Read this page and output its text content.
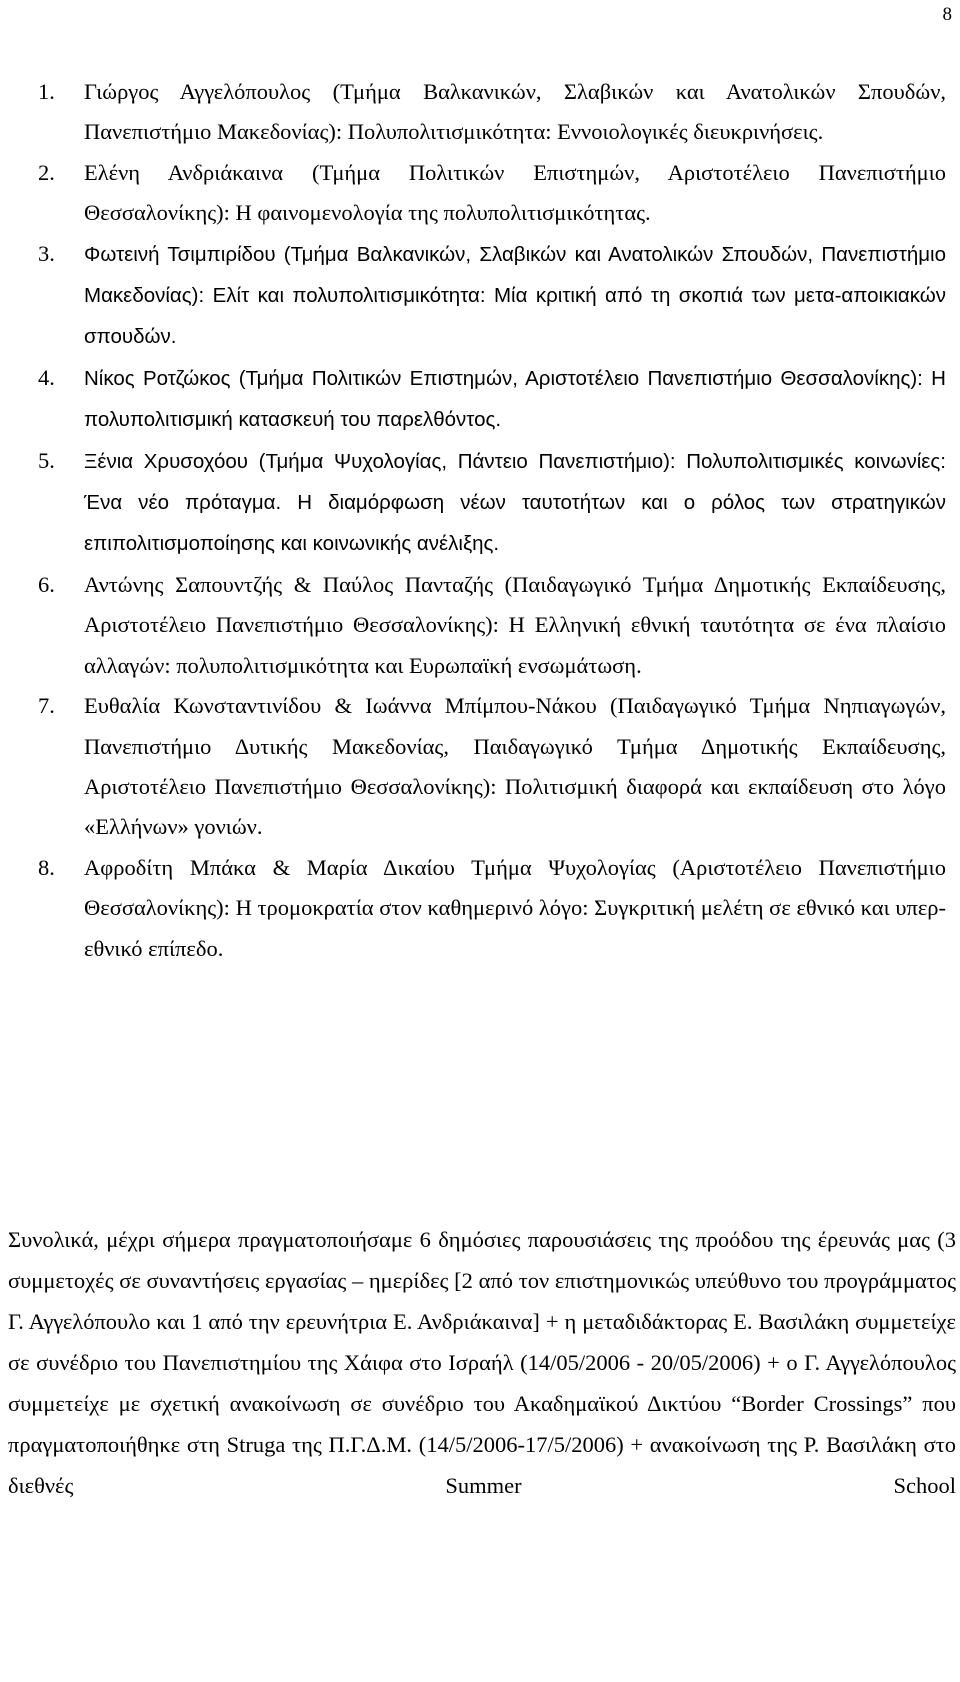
8
1. Γιώργος Αγγελόπουλος (Τμήμα Βαλκανικών, Σλαβικών και Ανατολικών Σπουδών, Πανεπιστήμιο Μακεδονίας): Πολυπολιτισμικότητα: Εννοιολογικές διευκρινήσεις.
2. Ελένη Ανδριάκαινα (Τμήμα Πολιτικών Επιστημών, Αριστοτέλειο Πανεπιστήμιο Θεσσαλονίκης): Η φαινομενολογία της πολυπολιτισμικότητας.
3. Φωτεινή Τσιμπιρίδου (Τμήμα Βαλκανικών, Σλαβικών και Ανατολικών Σπουδών, Πανεπιστήμιο Μακεδονίας): Ελίτ και πολυπολιτισμικότητα: Μία κριτική από τη σκοπιά των μετα-αποικιακών σπουδών.
4. Νίκος Ροτζώκος (Τμήμα Πολιτικών Επιστημών, Αριστοτέλειο Πανεπιστήμιο Θεσσαλονίκης): Η πολυπολιτισμική κατασκευή του παρελθόντος.
5. Ξένια Χρυσοχόου (Τμήμα Ψυχολογίας, Πάντειο Πανεπιστήμιο): Πολυπολιτισμικές κοινωνίες: Ένα νέο πρόταγμα. Η διαμόρφωση νέων ταυτοτήτων και ο ρόλος των στρατηγικών επιπολιτισμοποίησης και κοινωνικής ανέλιξης.
6. Αντώνης Σαπουντζής & Παύλος Πανταζής (Παιδαγωγικό Τμήμα Δημοτικής Εκπαίδευσης, Αριστοτέλειο Πανεπιστήμιο Θεσσαλονίκης): Η Ελληνική εθνική ταυτότητα σε ένα πλαίσιο αλλαγών: πολυπολιτισμικότητα και Ευρωπαϊκή ενσωμάτωση.
7. Ευθαλία Κωνσταντινίδου & Ιωάννα Μπίμπου-Νάκου (Παιδαγωγικό Τμήμα Νηπιαγωγών, Πανεπιστήμιο Δυτικής Μακεδονίας, Παιδαγωγικό Τμήμα Δημοτικής Εκπαίδευσης, Αριστοτέλειο Πανεπιστήμιο Θεσσαλονίκης): Πολιτισμική διαφορά και εκπαίδευση στο λόγο «Ελλήνων» γονιών.
8. Αφροδίτη Μπάκα & Μαρία Δικαίου Τμήμα Ψυχολογίας (Αριστοτέλειο Πανεπιστήμιο Θεσσαλονίκης): Η τρομοκρατία στον καθημερινό λόγο: Συγκριτική μελέτη σε εθνικό και υπερ-εθνικό επίπεδο.

Συνολικά, μέχρι σήμερα πραγματοποιήσαμε 6 δημόσιες παρουσιάσεις της προόδου της έρευνάς μας (3 συμμετοχές σε συναντήσεις εργασίας – ημερίδες [2 από τον επιστημονικώς υπεύθυνο του προγράμματος Γ. Αγγελόπουλο και 1 από την ερευνήτρια Ε. Ανδριάκαινα] + η μεταδιδάκτορας Ε. Βασιλάκη συμμετείχε σε συνέδριο του Πανεπιστημίου της Χάιφα στο Ισραήλ (14/05/2006 - 20/05/2006) + ο Γ. Αγγελόπουλος συμμετείχε με σχετική ανακοίνωση σε συνέδριο του Ακαδημαϊκού Δικτύου “Border Crossings” που πραγματοποιήθηκε στη Struga της Π.Γ.Δ.Μ. (14/5/2006-17/5/2006) + ανακοίνωση της Ρ. Βασιλάκη στο διεθνές Summer School
